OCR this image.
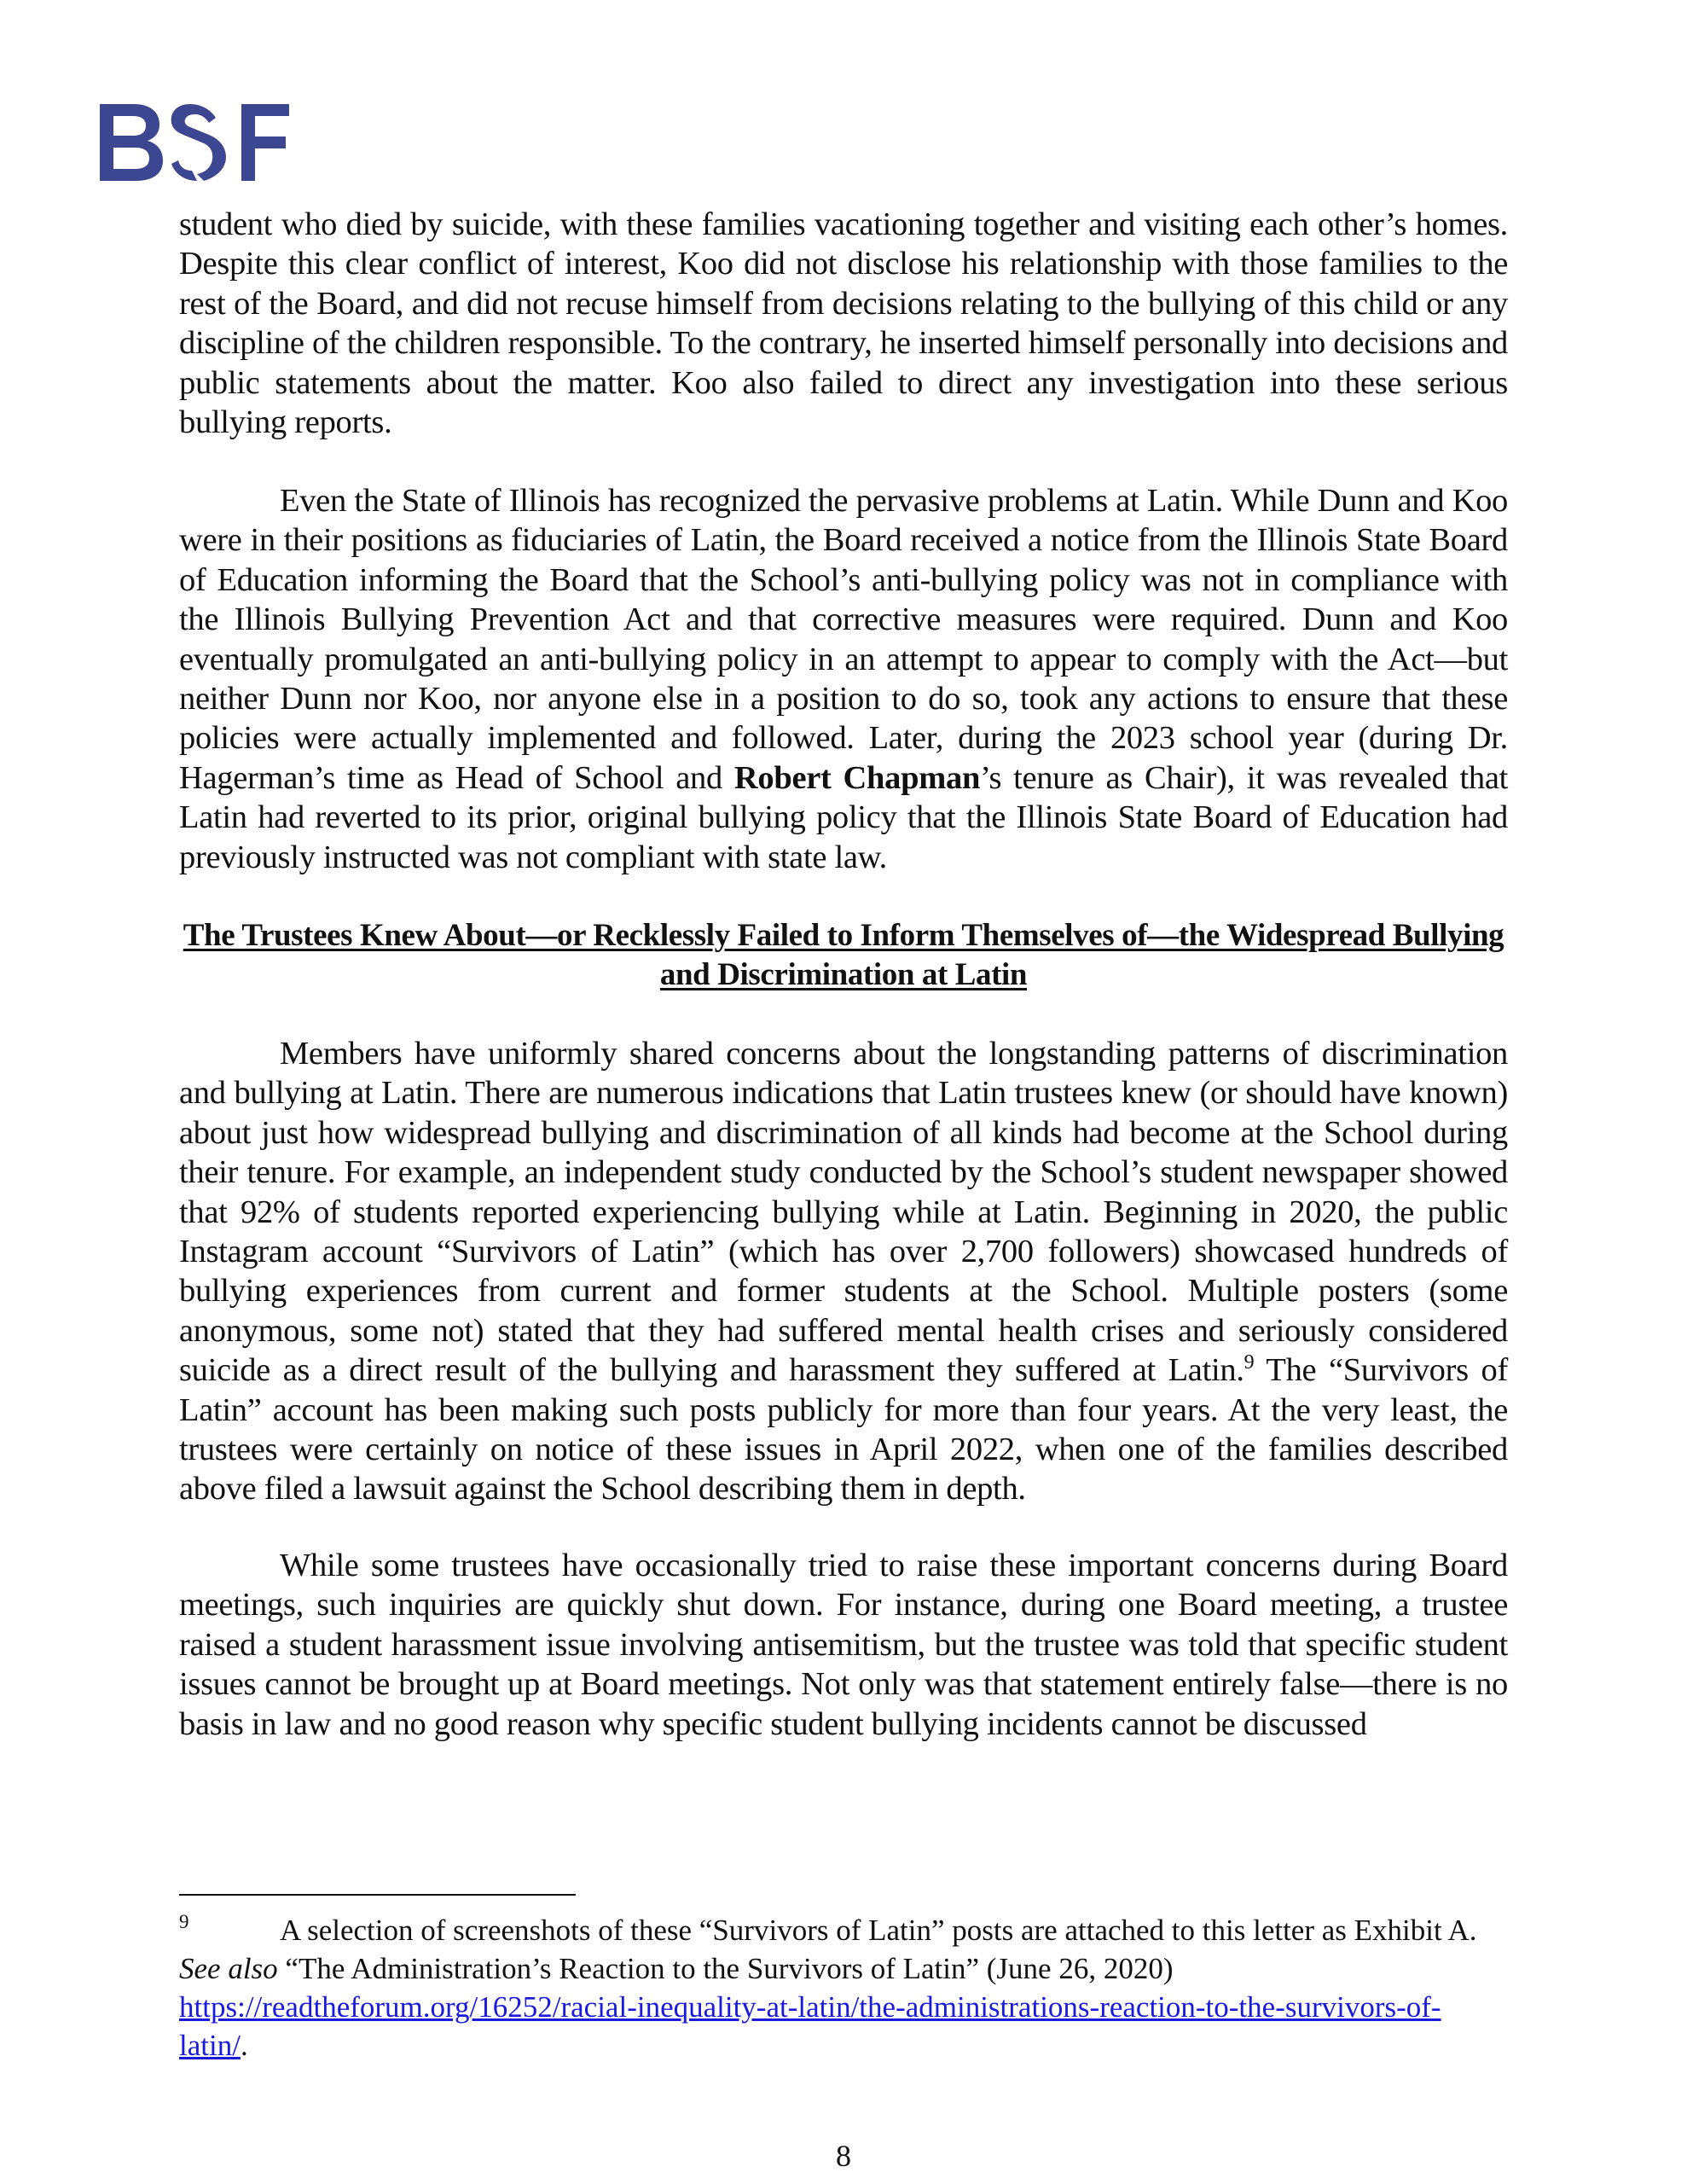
student who died by suicide, with these families vacationing together and visiting each other’s homes. Despite this clear conflict of interest, Koo did not disclose his relationship with those families to the rest of the Board, and did not recuse himself from decisions relating to the bullying of this child or any discipline of the children responsible. To the contrary, he inserted himself personally into decisions and public statements about the matter. Koo also failed to direct any investigation into these serious bullying reports.

Even the State of Illinois has recognized the pervasive problems at Latin. While Dunn and Koo were in their positions as fiduciaries of Latin, the Board received a notice from the Illinois State Board of Education informing the Board that the School’s anti-bullying policy was not in compliance with the Illinois Bullying Prevention Act and that corrective measures were required. Dunn and Koo eventually promulgated an anti-bullying policy in an attempt to appear to comply with the Act—but neither Dunn nor Koo, nor anyone else in a position to do so, took any actions to ensure that these policies were actually implemented and followed. Later, during the 2023 school year (during Dr. Hagerman’s time as Head of School and Robert Chapman’s tenure as Chair), it was revealed that Latin had reverted to its prior, original bullying policy that the Illinois State Board of Education had previously instructed was not compliant with state law.

The Trustees Knew About—or Recklessly Failed to Inform Themselves of—the Widespread Bullying and Discrimination at Latin

Members have uniformly shared concerns about the longstanding patterns of discrimination and bullying at Latin. There are numerous indications that Latin trustees knew (or should have known) about just how widespread bullying and discrimination of all kinds had become at the School during their tenure. For example, an independent study conducted by the School’s student newspaper showed that 92% of students reported experiencing bullying while at Latin. Beginning in 2020, the public Instagram account “Survivors of Latin” (which has over 2,700 followers) showcased hundreds of bullying experiences from current and former students at the School. Multiple posters (some anonymous, some not) stated that they had suffered mental health crises and seriously considered suicide as a direct result of the bullying and harassment they suffered at Latin.$^9$ The “Survivors of Latin” account has been making such posts publicly for more than four years. At the very least, the trustees were certainly on notice of these issues in April 2022, when one of the families described above filed a lawsuit against the School describing them in depth.

While some trustees have occasionally tried to raise these important concerns during Board meetings, such inquiries are quickly shut down. For instance, during one Board meeting, a trustee raised a student harassment issue involving antisemitism, but the trustee was told that specific student issues cannot be brought up at Board meetings. Not only was that statement entirely false—there is no basis in law and no good reason why specific student bullying incidents cannot be discussed

9	A selection of screenshots of these “Survivors of Latin” posts are attached to this letter as Exhibit A. See also “The Administration’s Reaction to the Survivors of Latin” (June 26, 2020) https://readtheforum.org/16252/racial-inequality-at-latin/the-administrations-reaction-to-the-survivors-of-latin/.

8
